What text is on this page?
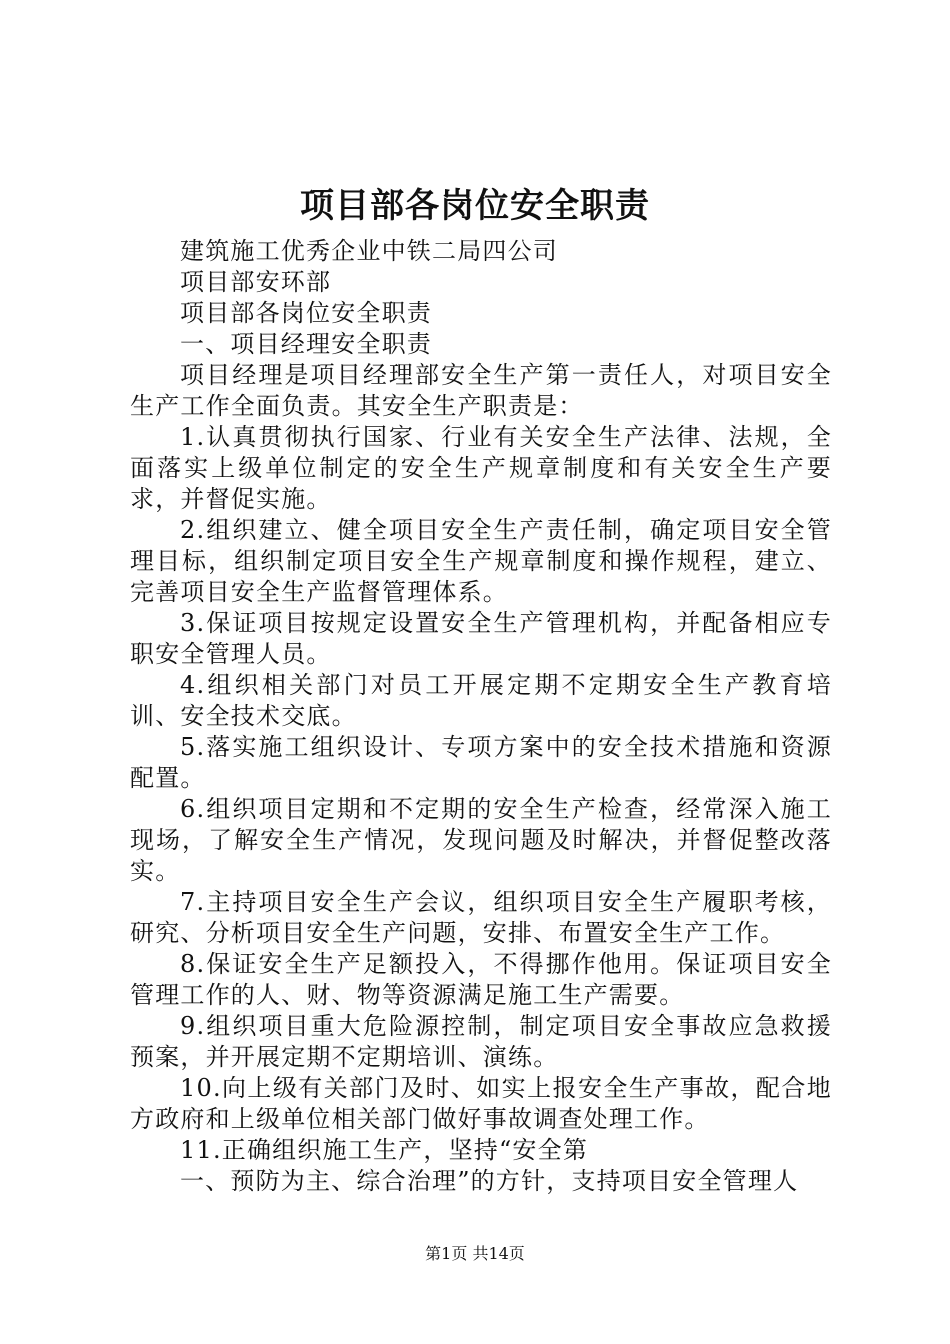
项目部各岗位安全职责

建筑施工优秀企业中铁二局四公司

项目部安环部

项目部各岗位安全职责

一、项目经理安全职责

项目经理是项目经理部安全生产第一责任人，对项目安全生产工作全面负责。其安全生产职责是：

1.认真贯彻执行国家、行业有关安全生产法律、法规，全面落实上级单位制定的安全生产规章制度和有关安全生产要求，并督促实施。

2.组织建立、健全项目安全生产责任制，确定项目安全管理目标，组织制定项目安全生产规章制度和操作规程，建立、完善项目安全生产监督管理体系。

3.保证项目按规定设置安全生产管理机构，并配备相应专职安全管理人员。

4.组织相关部门对员工开展定期不定期安全生产教育培训、安全技术交底。

5.落实施工组织设计、专项方案中的安全技术措施和资源配置。

6.组织项目定期和不定期的安全生产检查，经常深入施工现场，了解安全生产情况，发现问题及时解决，并督促整改落实。

7.主持项目安全生产会议，组织项目安全生产履职考核，研究、分析项目安全生产问题，安排、布置安全生产工作。

8.保证安全生产足额投入，不得挪作他用。保证项目安全管理工作的人、财、物等资源满足施工生产需要。

9.组织项目重大危险源控制，制定项目安全事故应急救援预案，并开展定期不定期培训、演练。

10.向上级有关部门及时、如实上报安全生产事故，配合地方政府和上级单位相关部门做好事故调查处理工作。

11.正确组织施工生产，坚持“安全第

一、预防为主、综合治理”的方针，支持项目安全管理人

第1页 共14页
